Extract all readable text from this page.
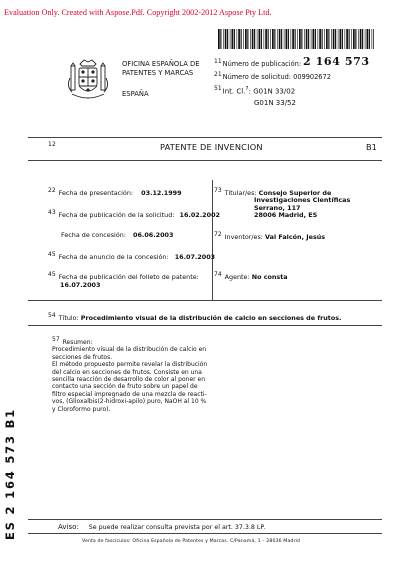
Evaluation Only. Created with Aspose.Pdf. Copyright 2002-2012 Aspose Pty Ltd.
OFICINA ESPAÑOLA DE
PATENTES Y MARCAS
ESPAÑA
11Número de publicación: 2 164 573
21Número de solicitud: 009902672
51Int. Cl.$^7$: G01N 33/02
G01N 33/52
12	PATENTE DE INVENCION	B1
22 Fecha de presentación: 03.12.1999
43 Fecha de publicación de la solicitud: 16.02.2002
Fecha de concesión: 06.06.2003
45 Fecha de anuncio de la concesión: 16.07.2003
45 Fecha de publicación del folleto de patente:
16.07.2003
73 Titular/es: Consejo Superior de
Investigaciones Científicas
Serrano, 117
28006 Madrid, ES
72 Inventor/es: Val Falcón, Jesús
74 Agente: No consta
54 Título: Procedimiento visual de la distribución de calcio en secciones de frutos.
57 Resumen:
Procedimiento visual de la distribución de calcio en
secciones de frutos.
El método propuesto permite revelar la distribución
del calcio en secciones de frutos. Consiste en una
sencilla reacción de desarrollo de color al poner en
contacto una sección de fruto sobre un papel de
filtro especial impregnado de una mezcla de reacti-
vos, (Glioxalbis(2-hidroxi-apilo) puro, NaOH al 10 %
y Cloroformo puro).
ES 2 164 573 B1	Aviso: Se puede realizar consulta prevista por el art. 37.3.8 LP.
Venta de fascículos: Oficina Española de Patentes y Marcas. C/Panamá, 1 – 28036 Madrid
